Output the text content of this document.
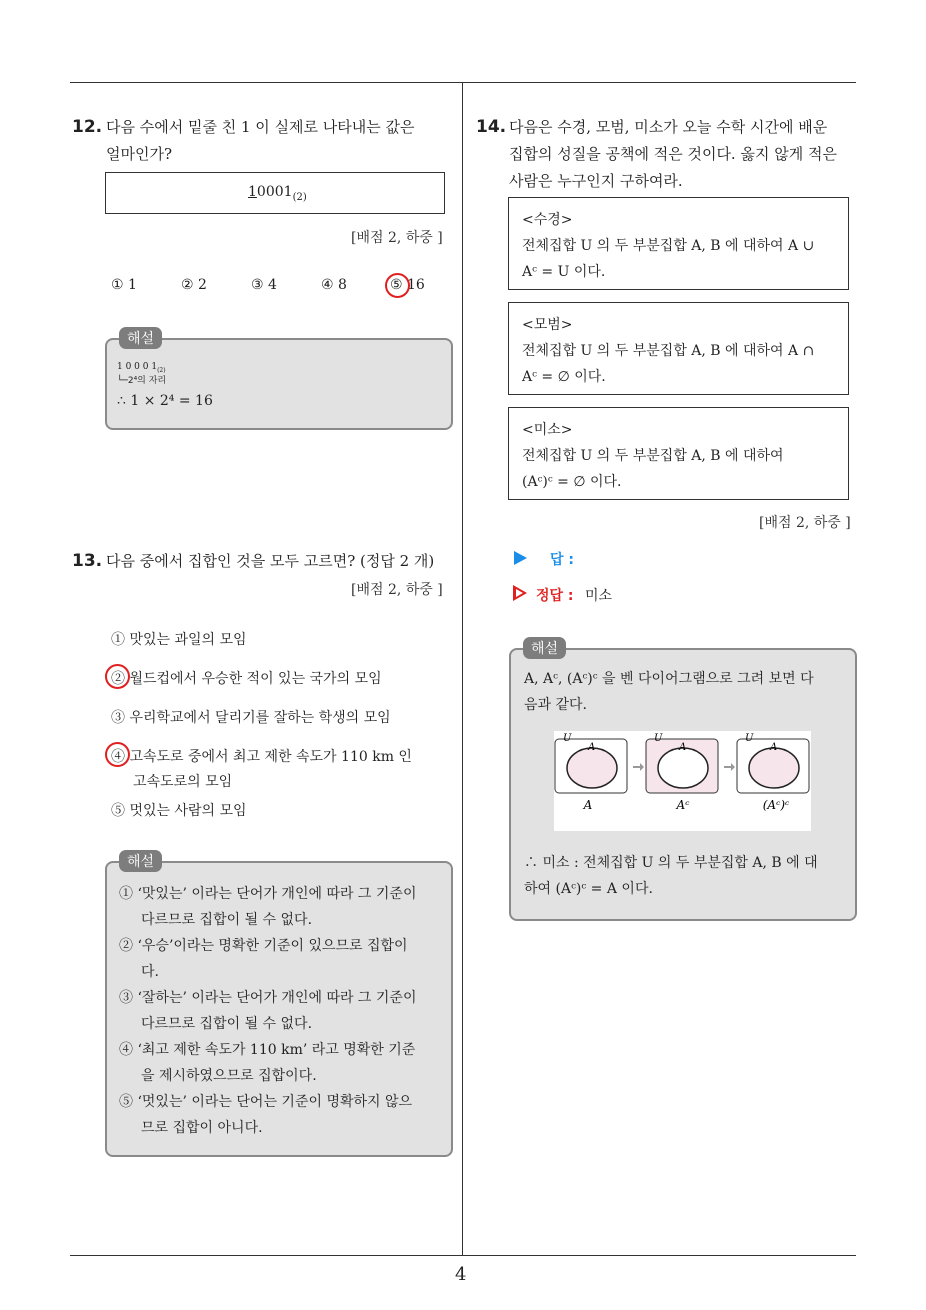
4
12. 다음 수에서 밑줄 친 1 이 실제로 나타내는 값은
얼마인가?
$10001_{(2)}$
[배점 2, 하중 ]
① 1	② 2	③ 4	④ 8	⑤ 16
1 0 0 0 $1_{(2)}$
└─2⁴의 자리
∴ 1 × 2⁴ = 16
해설
13. 다음 중에서 집합인 것을 모두 고르면? (정답 2 개)
[배점 2, 하중 ]
① 맛있는 과일의 모임
② 월드컵에서 우승한 적이 있는 국가의 모임
③ 우리학교에서 달리기를 잘하는 학생의 모임
④ 고속도로 중에서 최고 제한 속도가 110 km 인
고속도로의 모임
⑤ 멋있는 사람의 모임
① ‘맛있는’ 이라는 단어가 개인에 따라 그 기준이
다르므로 집합이 될 수 없다.
② ‘우승’이라는 명확한 기준이 있으므로 집합이
다.
③ ‘잘하는’ 이라는 단어가 개인에 따라 그 기준이
다르므로 집합이 될 수 없다.
④ ‘최고 제한 속도가 110 km’ 라고 명확한 기준
을 제시하였으므로 집합이다.
⑤ ‘멋있는’ 이라는 단어는 기준이 명확하지 않으
므로 집합이 아니다.
해설
14. 다음은 수경, 모범, 미소가 오늘 수학 시간에 배운
집합의 성질을 공책에 적은 것이다. 옳지 않게 적은
사람은 누구인지 구하여라.
<수경>
전체집합 U 의 두 부분집합 A, B 에 대하여 A ∪
Aᶜ = U 이다.
<모범>
전체집합 U 의 두 부분집합 A, B 에 대하여 A ∩
Aᶜ = ∅ 이다.
<미소>
전체집합 U 의 두 부분집합 A, B 에 대하여
(Aᶜ)ᶜ = ∅ 이다.
[배점 2, 하중 ]
답 :
정답 : 미소
A, Aᶜ, (Aᶜ)ᶜ 을 벤 다이어그램으로 그려 보면 다
음과 같다.
∴ 미소 : 전체집합 U 의 두 부분집합 A, B 에 대
하여 (Aᶜ)ᶜ = A 이다.
해설
U
A
U
A
U
A
A	Aᶜ	(Aᶜ)ᶜ
